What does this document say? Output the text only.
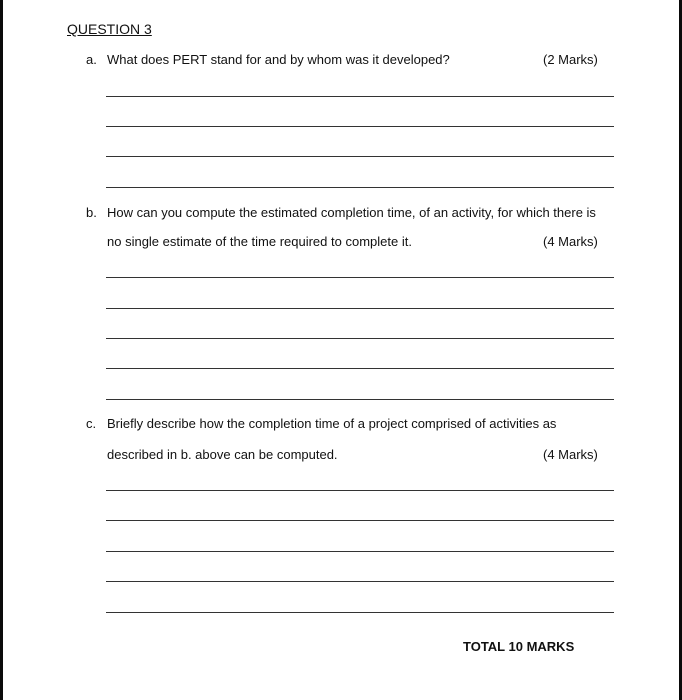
QUESTION 3
a. What does PERT stand for and by whom was it developed?	(2 Marks)
b. How can you compute the estimated completion time, of an activity, for which there is
no single estimate of the time required to complete it.	(4 Marks)
c. Briefly describe how the completion time of a project comprised of activities as
described in b. above can be computed.	(4 Marks)
TOTAL 10 MARKS
